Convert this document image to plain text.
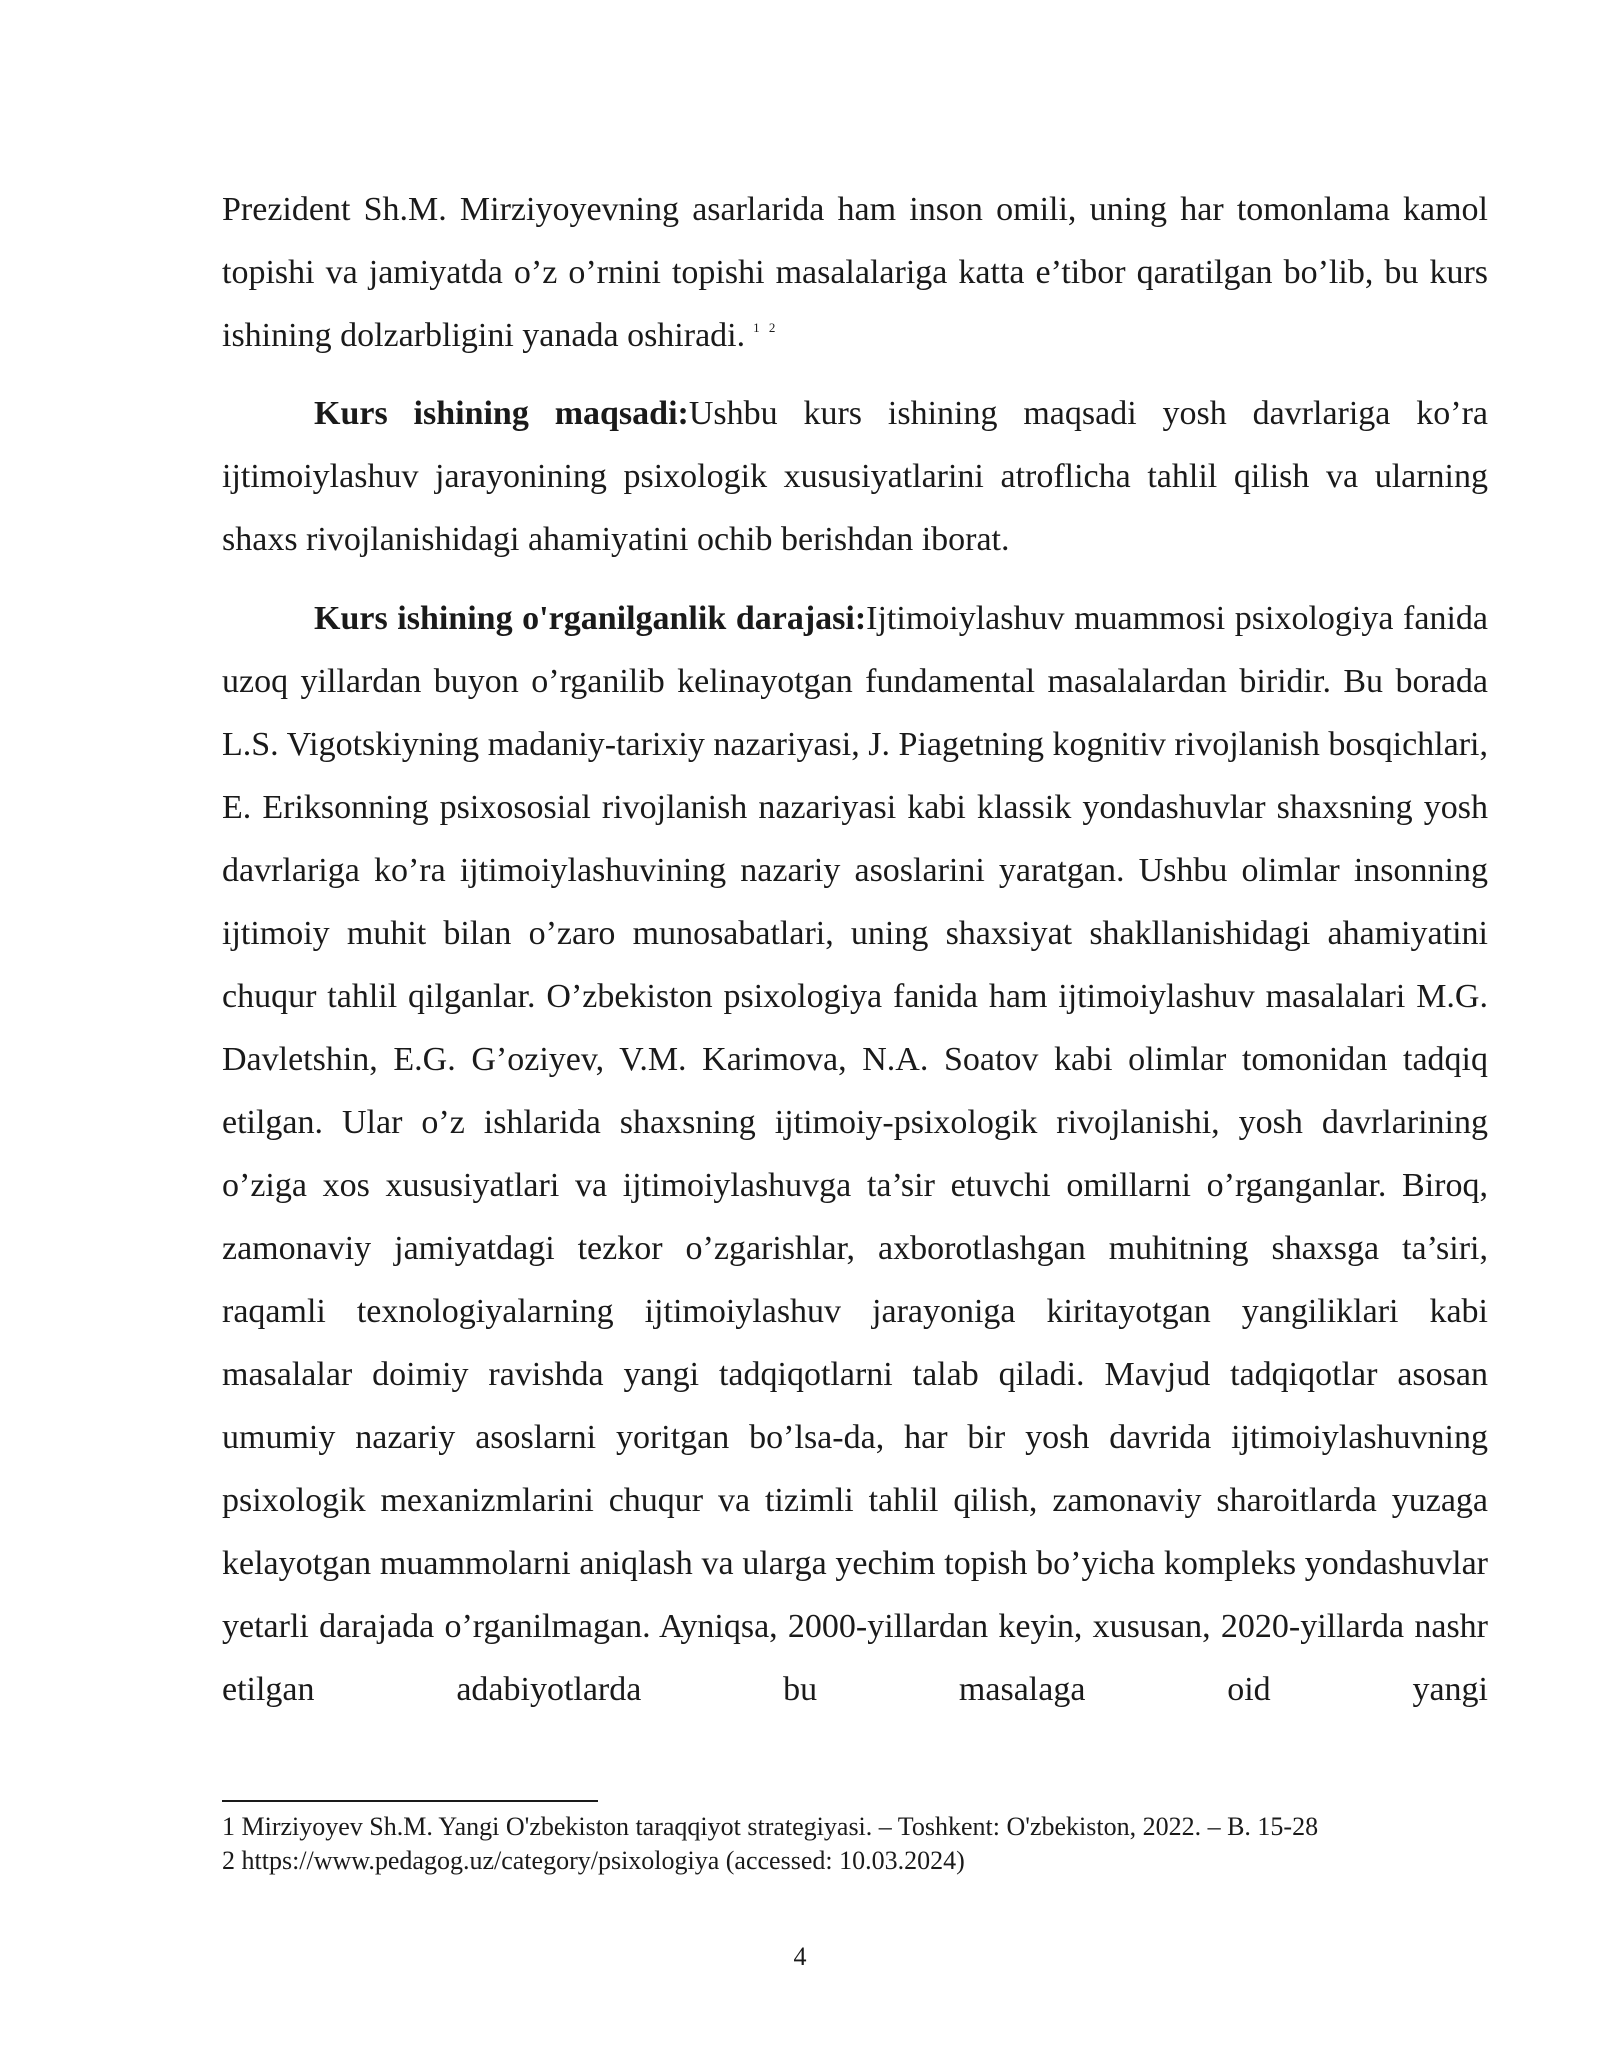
Prezident Sh.M. Mirziyoyevning asarlarida ham inson omili, uning har tomonlama kamol topishi va jamiyatda o’z o’rnini topishi masalalariga katta e’tibor qaratilgan bo’lib, bu kurs ishining dolzarbligini yanada oshiradi. $^{1 2}$

Kurs ishining maqsadi:Ushbu kurs ishining maqsadi yosh davrlariga ko’ra ijtimoiylashuv jarayonining psixologik xususiyatlarini atroflicha tahlil qilish va ularning shaxs rivojlanishidagi ahamiyatini ochib berishdan iborat.

Kurs ishining o'rganilganlik darajasi:Ijtimoiylashuv muammosi psixologiya fanida uzoq yillardan buyon o’rganilib kelinayotgan fundamental masalalardan biridir. Bu borada L.S. Vigotskiyning madaniy-tarixiy nazariyasi, J. Piagetning kognitiv rivojlanish bosqichlari, E. Eriksonning psixososial rivojlanish nazariyasi kabi klassik yondashuvlar shaxsning yosh davrlariga ko’ra ijtimoiylashuvining nazariy asoslarini yaratgan. Ushbu olimlar insonning ijtimoiy muhit bilan o’zaro munosabatlari, uning shaxsiyat shakllanishidagi ahamiyatini chuqur tahlil qilganlar. O’zbekiston psixologiya fanida ham ijtimoiylashuv masalalari M.G. Davletshin, E.G. G’oziyev, V.M. Karimova, N.A. Soatov kabi olimlar tomonidan tadqiq etilgan. Ular o’z ishlarida shaxsning ijtimoiy-psixologik rivojlanishi, yosh davrlarining o’ziga xos xususiyatlari va ijtimoiylashuvga ta’sir etuvchi omillarni o’rganganlar. Biroq, zamonaviy jamiyatdagi tezkor o’zgarishlar, axborotlashgan muhitning shaxsga ta’siri, raqamli texnologiyalarning ijtimoiylashuv jarayoniga kiritayotgan yangiliklari kabi masalalar doimiy ravishda yangi tadqiqotlarni talab qiladi. Mavjud tadqiqotlar asosan umumiy nazariy asoslarni yoritgan bo’lsa-da, har bir yosh davrida ijtimoiylashuvning psixologik mexanizmlarini chuqur va tizimli tahlil qilish, zamonaviy sharoitlarda yuzaga kelayotgan muammolarni aniqlash va ularga yechim topish bo’yicha kompleks yondashuvlar yetarli darajada o’rganilmagan. Ayniqsa, 2000-yillardan keyin, xususan, 2020-yillarda nashr etilgan adabiyotlarda bu masalaga oid yangi

1 Mirziyoyev Sh.M. Yangi O'zbekiston taraqqiyot strategiyasi. – Toshkent: O'zbekiston, 2022. – B. 15-28
2 https://www.pedagog.uz/category/psixologiya (accessed: 10.03.2024)
4
